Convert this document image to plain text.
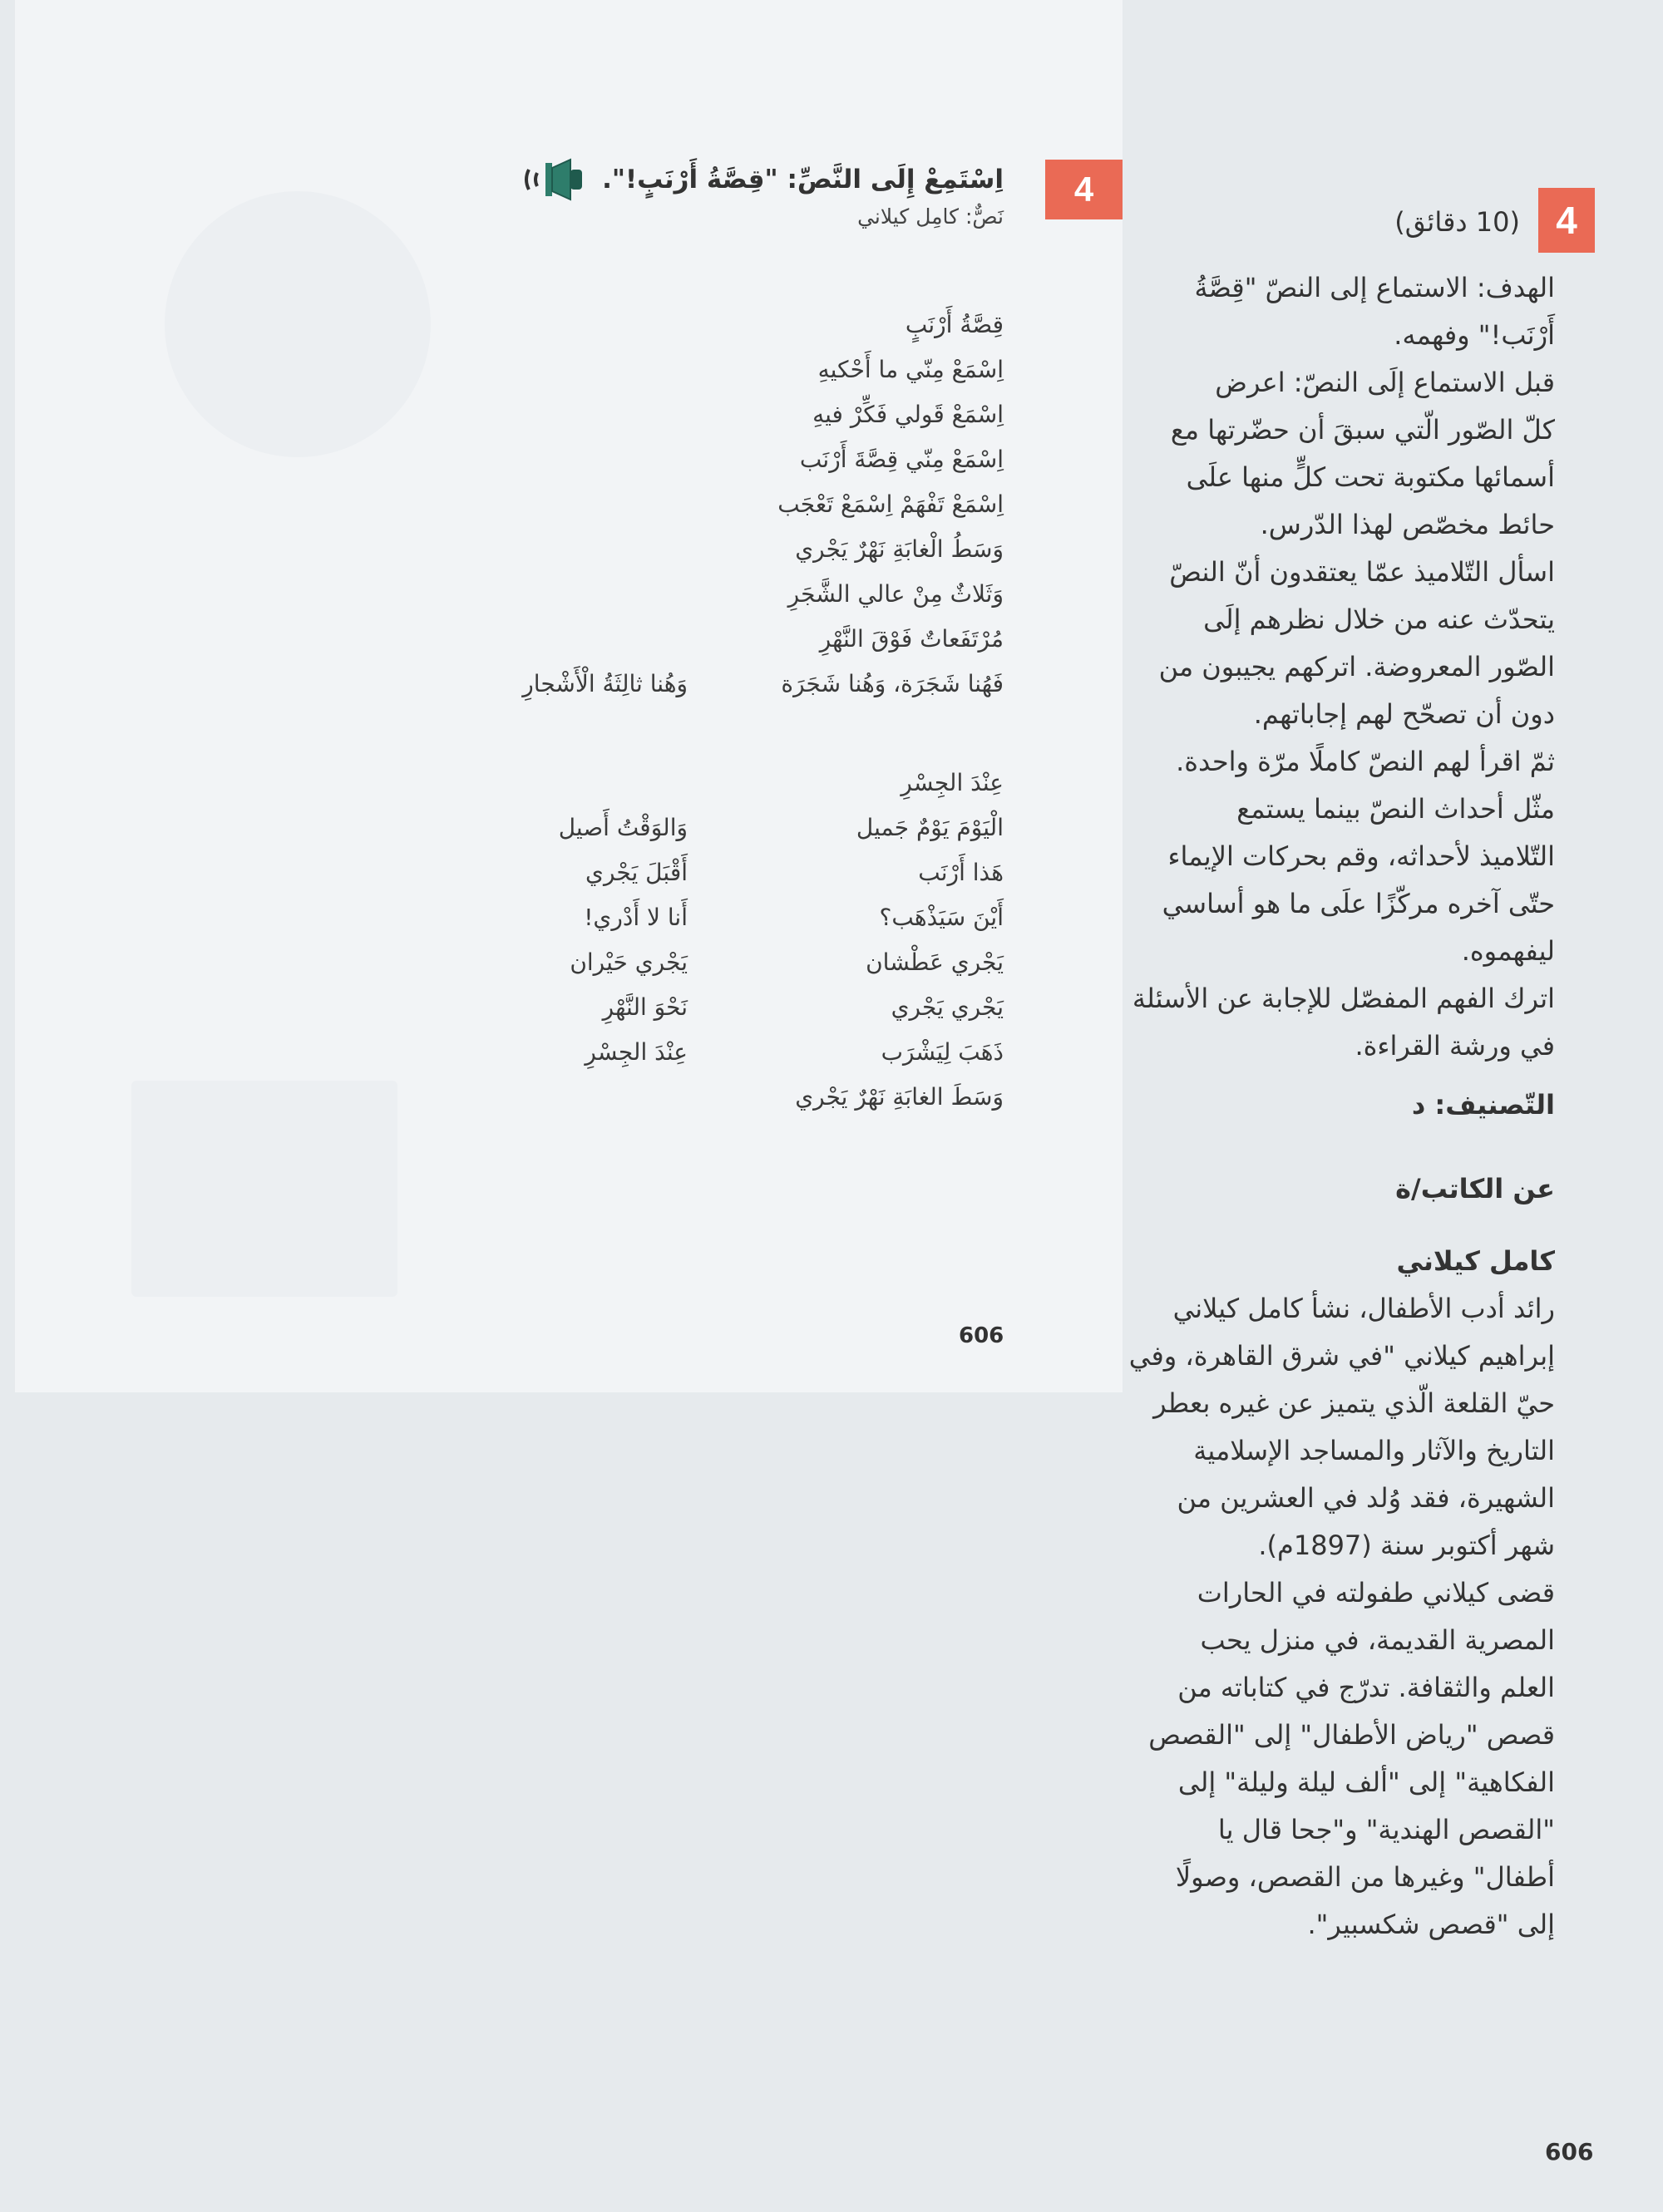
4
اِسْتَمِعْ إِلَى النَّصِّ: "قِصَّةُ أَرْنَبٍ!".
نَصٌّ: كامِل كيلاني
قِصَّةُ أَرْنَبٍ
اِسْمَعْ مِنّي ما أَحْكيهِ
اِسْمَعْ قَولي فَكِّرْ فيهِ
اِسْمَعْ مِنّي قِصَّةَ أَرْنَب
اِسْمَعْ تَفْهَمْ اِسْمَعْ تَعْجَب
وَسَطُ الْغابَةِ نَهْرٌ يَجْري
وَثَلاثٌ مِنْ عالي الشَّجَرِ
مُرْتَفَعاتٌ فَوْقَ النَّهْرِ
فَهُنا شَجَرَة، وَهُنا شَجَرَة
وَهُنا ثالِثَةُ الْأَشْجارِ
عِنْدَ الجِسْرِ
الْيَوْمَ يَوْمٌ جَميل
وَالوَقْتُ أَصيل
هَذا أَرْنَب
أَقْبَلَ يَجْري
أَيْنَ سَيَذْهَب؟
أَنا لا أَدْري!
يَجْري عَطْشان
يَجْري حَيْران
يَجْري يَجْري
نَحْوَ النَّهْرِ
ذَهَبَ لِيَشْرَب
عِنْدَ الجِسْرِ
وَسَطَ الغابَةِ نَهْرٌ يَجْري
606
4
(10 دقائق)
الهدف: الاستماع إلى النصّ "قِصَّةُ
أَرْنَب!" وفهمه.
قبل الاستماع إلَى النصّ: اعرض
كلّ الصّور الّتي سبقَ أن حضّرتها مع
أسمائها مكتوبة تحت كلٍّ منها علَى
حائط مخصّص لهذا الدّرس.
اسأل التّلاميذ عمّا يعتقدون أنّ النصّ
يتحدّث عنه من خلال نظرهم إلَى
الصّور المعروضة. اتركهم يجيبون من
دون أن تصحّح لهم إجاباتهم.
ثمّ اقرأ لهم النصّ كاملًا مرّة واحدة.
مثّل أحداث النصّ بينما يستمع
التّلاميذ لأحداثه، وقم بحركات الإيماء
حتّى آخره مركّزًا علَى ما هو أساسي
ليفهموه.
اترك الفهم المفصّل للإجابة عن الأسئلة
في ورشة القراءة.
التّصنيف: د
عن الكاتب/ة
كامل كيلاني
رائد أدب الأطفال، نشأ كامل كيلاني
إبراهيم كيلاني "في شرق القاهرة، وفي
حيّ القلعة الّذي يتميز عن غيره بعطر
التاريخ والآثار والمساجد الإسلامية
الشهيرة، فقد وُلد في العشرين من
شهر أكتوبر سنة (1897م).
قضى كيلاني طفولته في الحارات
المصرية القديمة، في منزل يحب
العلم والثقافة. تدرّج في كتاباته من
قصص "رياض الأطفال" إلى "القصص
الفكاهية" إلى "ألف ليلة وليلة" إلى
"القصص الهندية" و"جحا قال يا
أطفال" وغيرها من القصص، وصولًا
إلى "قصص شكسبير".
606
